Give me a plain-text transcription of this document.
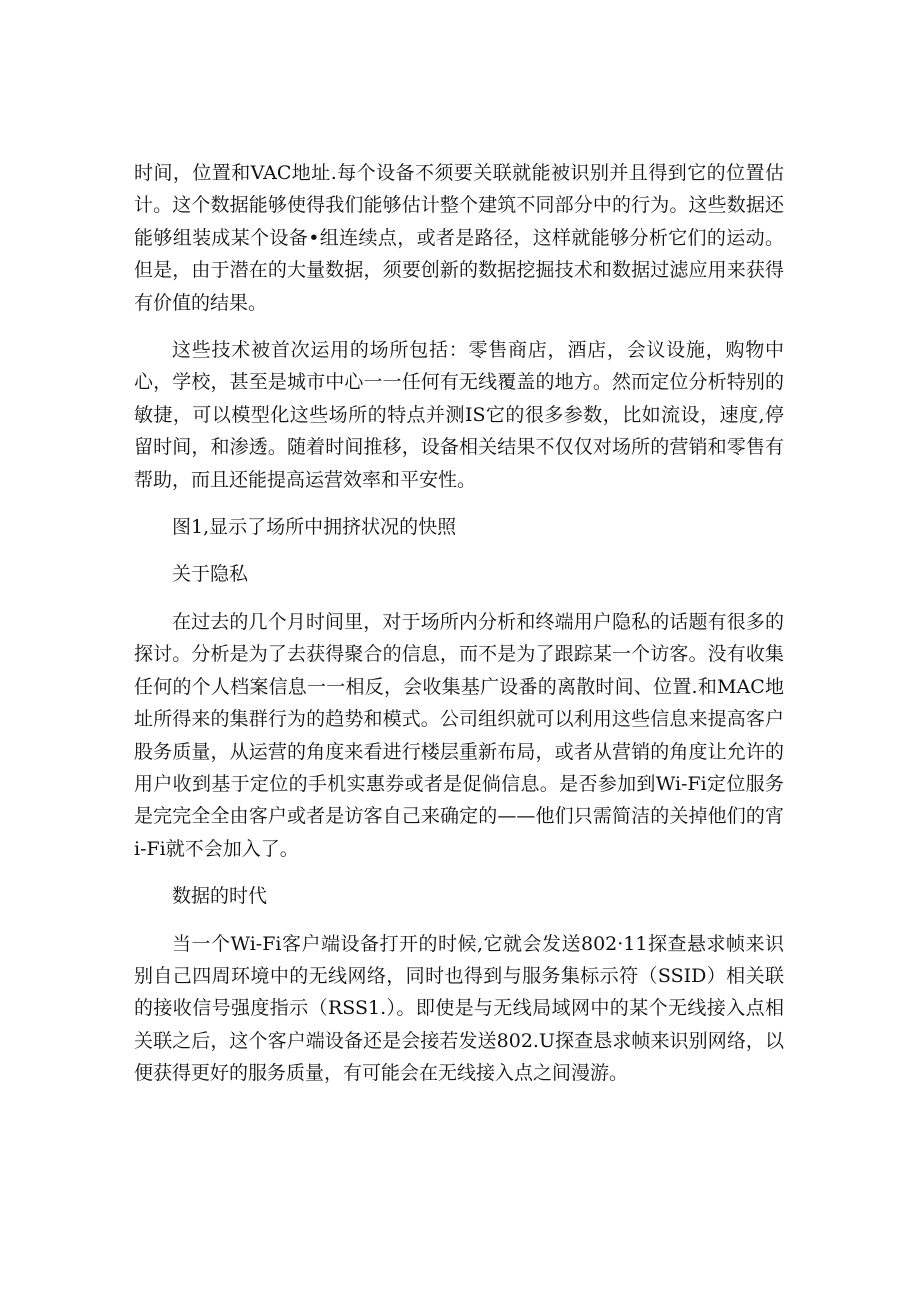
时间，位置和VAC地址.每个设备不须要关联就能被识别并且得到它的位置估计。这个数据能够使得我们能够估计整个建筑不同部分中的行为。这些数据还能够组装成某个设备•组连续点，或者是路径，这样就能够分析它们的运动。但是，由于潜在的大量数据，须要创新的数据挖掘技术和数据过滤应用来获得有价值的结果。

这些技术被首次运用的场所包括：零售商店，酒店，会议设施，购物中心，学校，甚至是城市中心一一任何有无线覆盖的地方。然而定位分析特别的敏捷，可以模型化这些场所的特点并测IS它的很多参数，比如流设，速度,停留时间，和渗透。随着时间推移，设备相关结果不仅仅对场所的营销和零售有帮助，而且还能提高运营效率和平安性。

图1,显示了场所中拥挤状况的快照

关于隐私

在过去的几个月时间里，对于场所内分析和终端用户隐私的话题有很多的探讨。分析是为了去获得聚合的信息，而不是为了跟踪某一个访客。没有收集任何的个人档案信息一一相反，会收集基广设番的离散时间、位置.和MAC地址所得来的集群行为的趋势和模式。公司组织就可以利用这些信息来提高客户股务质量，从运营的角度来看进行楼层重新布局，或者从营销的角度让允许的用户收到基于定位的手机实惠券或者是促倘信息。是否参加到Wi-Fi定位服务是完完全全由客户或者是访客自己来确定的——他们只需简洁的关掉他们的宵i-Fi就不会加入了。

数据的时代

当一个Wi-Fi客户端设备打开的时候,它就会发送802·11探查悬求帧来识别自己四周环境中的无线网络，同时也得到与服务集标示符（SSID）相关联的接收信号强度指示（RSS1.）。即使是与无线局域网中的某个无线接入点相关联之后，这个客户端设备还是会接若发送802.U探查恳求帧来识别网络，以便获得更好的服务质量，有可能会在无线接入点之间漫游。
